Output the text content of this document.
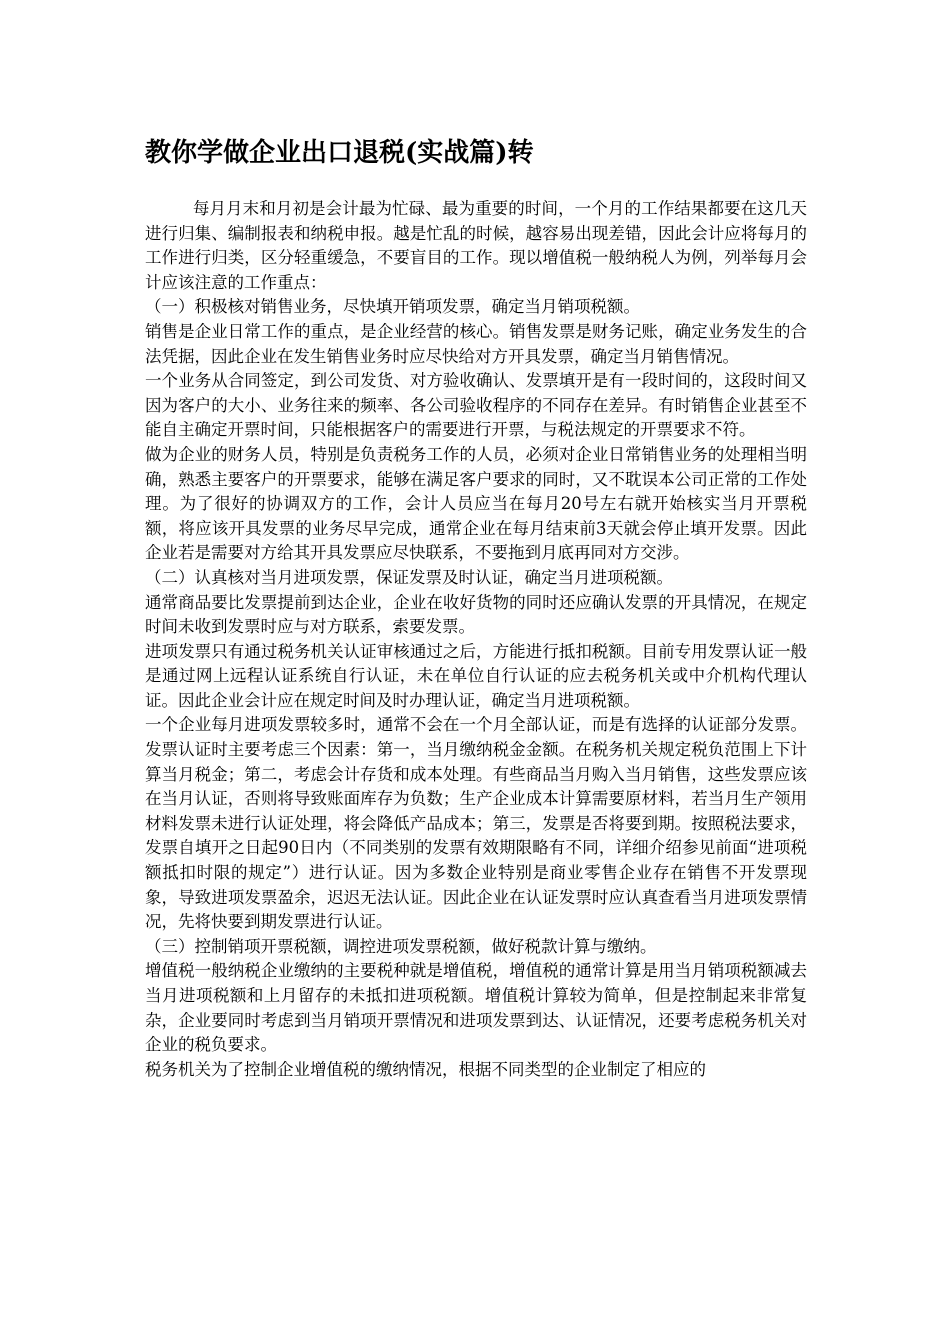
教你学做企业出口退税(实战篇)转

每月月末和月初是会计最为忙碌、最为重要的时间，一个月的工作结果都要在这几天进行归集、编制报表和纳税申报。越是忙乱的时候，越容易出现差错，因此会计应将每月的工作进行归类，区分轻重缓急，不要盲目的工作。现以增值税一般纳税人为例，列举每月会计应该注意的工作重点：

（一）积极核对销售业务，尽快填开销项发票，确定当月销项税额。

销售是企业日常工作的重点，是企业经营的核心。销售发票是财务记账，确定业务发生的合法凭据，因此企业在发生销售业务时应尽快给对方开具发票，确定当月销售情况。

一个业务从合同签定，到公司发货、对方验收确认、发票填开是有一段时间的，这段时间又因为客户的大小、业务往来的频率、各公司验收程序的不同存在差异。有时销售企业甚至不能自主确定开票时间，只能根据客户的需要进行开票，与税法规定的开票要求不符。

做为企业的财务人员，特别是负责税务工作的人员，必须对企业日常销售业务的处理相当明确，熟悉主要客户的开票要求，能够在满足客户要求的同时，又不耽误本公司正常的工作处理。为了很好的协调双方的工作，会计人员应当在每月20号左右就开始核实当月开票税额，将应该开具发票的业务尽早完成，通常企业在每月结束前3天就会停止填开发票。因此企业若是需要对方给其开具发票应尽快联系，不要拖到月底再同对方交涉。

（二）认真核对当月进项发票，保证发票及时认证，确定当月进项税额。

通常商品要比发票提前到达企业，企业在收好货物的同时还应确认发票的开具情况，在规定时间未收到发票时应与对方联系，索要发票。

进项发票只有通过税务机关认证审核通过之后，方能进行抵扣税额。目前专用发票认证一般是通过网上远程认证系统自行认证，未在单位自行认证的应去税务机关或中介机构代理认证。因此企业会计应在规定时间及时办理认证，确定当月进项税额。

一个企业每月进项发票较多时，通常不会在一个月全部认证，而是有选择的认证部分发票。发票认证时主要考虑三个因素：第一，当月缴纳税金金额。在税务机关规定税负范围上下计算当月税金；第二，考虑会计存货和成本处理。有些商品当月购入当月销售，这些发票应该在当月认证，否则将导致账面库存为负数；生产企业成本计算需要原材料，若当月生产领用材料发票未进行认证处理，将会降低产品成本；第三，发票是否将要到期。按照税法要求，发票自填开之日起90日内（不同类别的发票有效期限略有不同，详细介绍参见前面“进项税额抵扣时限的规定”）进行认证。因为多数企业特别是商业零售企业存在销售不开发票现象，导致进项发票盈余，迟迟无法认证。因此企业在认证发票时应认真查看当月进项发票情况，先将快要到期发票进行认证。

（三）控制销项开票税额，调控进项发票税额，做好税款计算与缴纳。

增值税一般纳税企业缴纳的主要税种就是增值税，增值税的通常计算是用当月销项税额减去当月进项税额和上月留存的未抵扣进项税额。增值税计算较为简单，但是控制起来非常复杂，企业要同时考虑到当月销项开票情况和进项发票到达、认证情况，还要考虑税务机关对企业的税负要求。

税务机关为了控制企业增值税的缴纳情况，根据不同类型的企业制定了相应的
